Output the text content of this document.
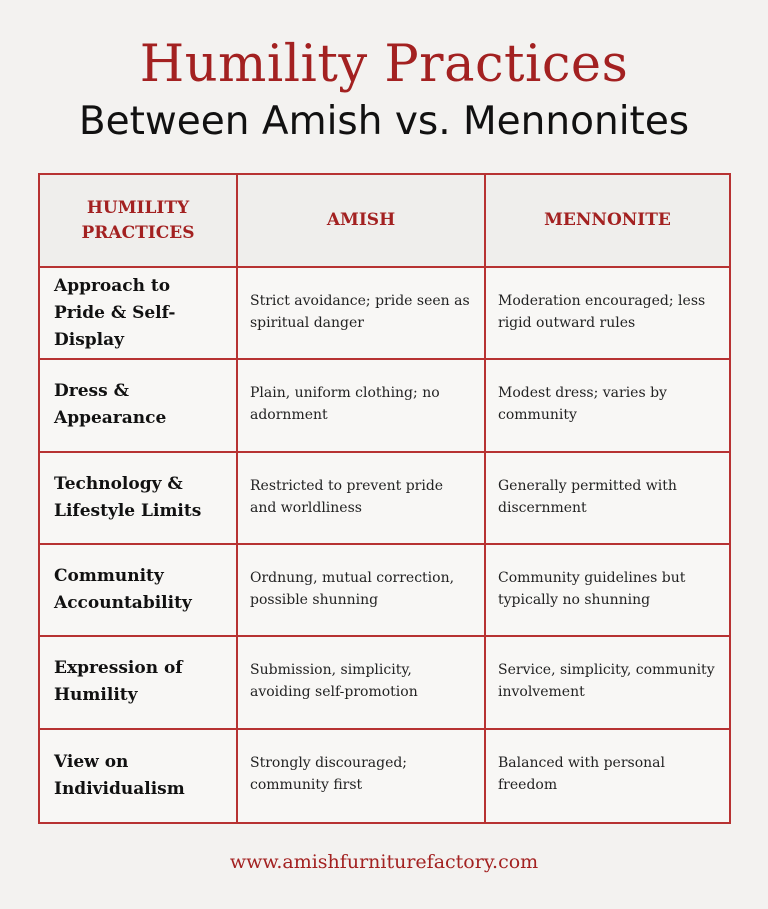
Humility Practices
Between Amish vs. Mennonites
HUMILITY PRACTICES
AMISH	MENNONITE
Approach to Pride & Self-Display
Strict avoidance; pride seen as spiritual danger
Moderation encouraged; less rigid outward rules
Dress & Appearance
Plain, uniform clothing; no adornment
Modest dress; varies by community
Technology & Lifestyle Limits
Restricted to prevent pride and worldliness
Generally permitted with discernment
Community Accountability
Ordnung, mutual correction, possible shunning
Community guidelines but typically no shunning
Expression of Humility
Submission, simplicity, avoiding self-promotion
Service, simplicity, community involvement
View on Individualism
Strongly discouraged; community first
Balanced with personal freedom
www.amishfurniturefactory.com
